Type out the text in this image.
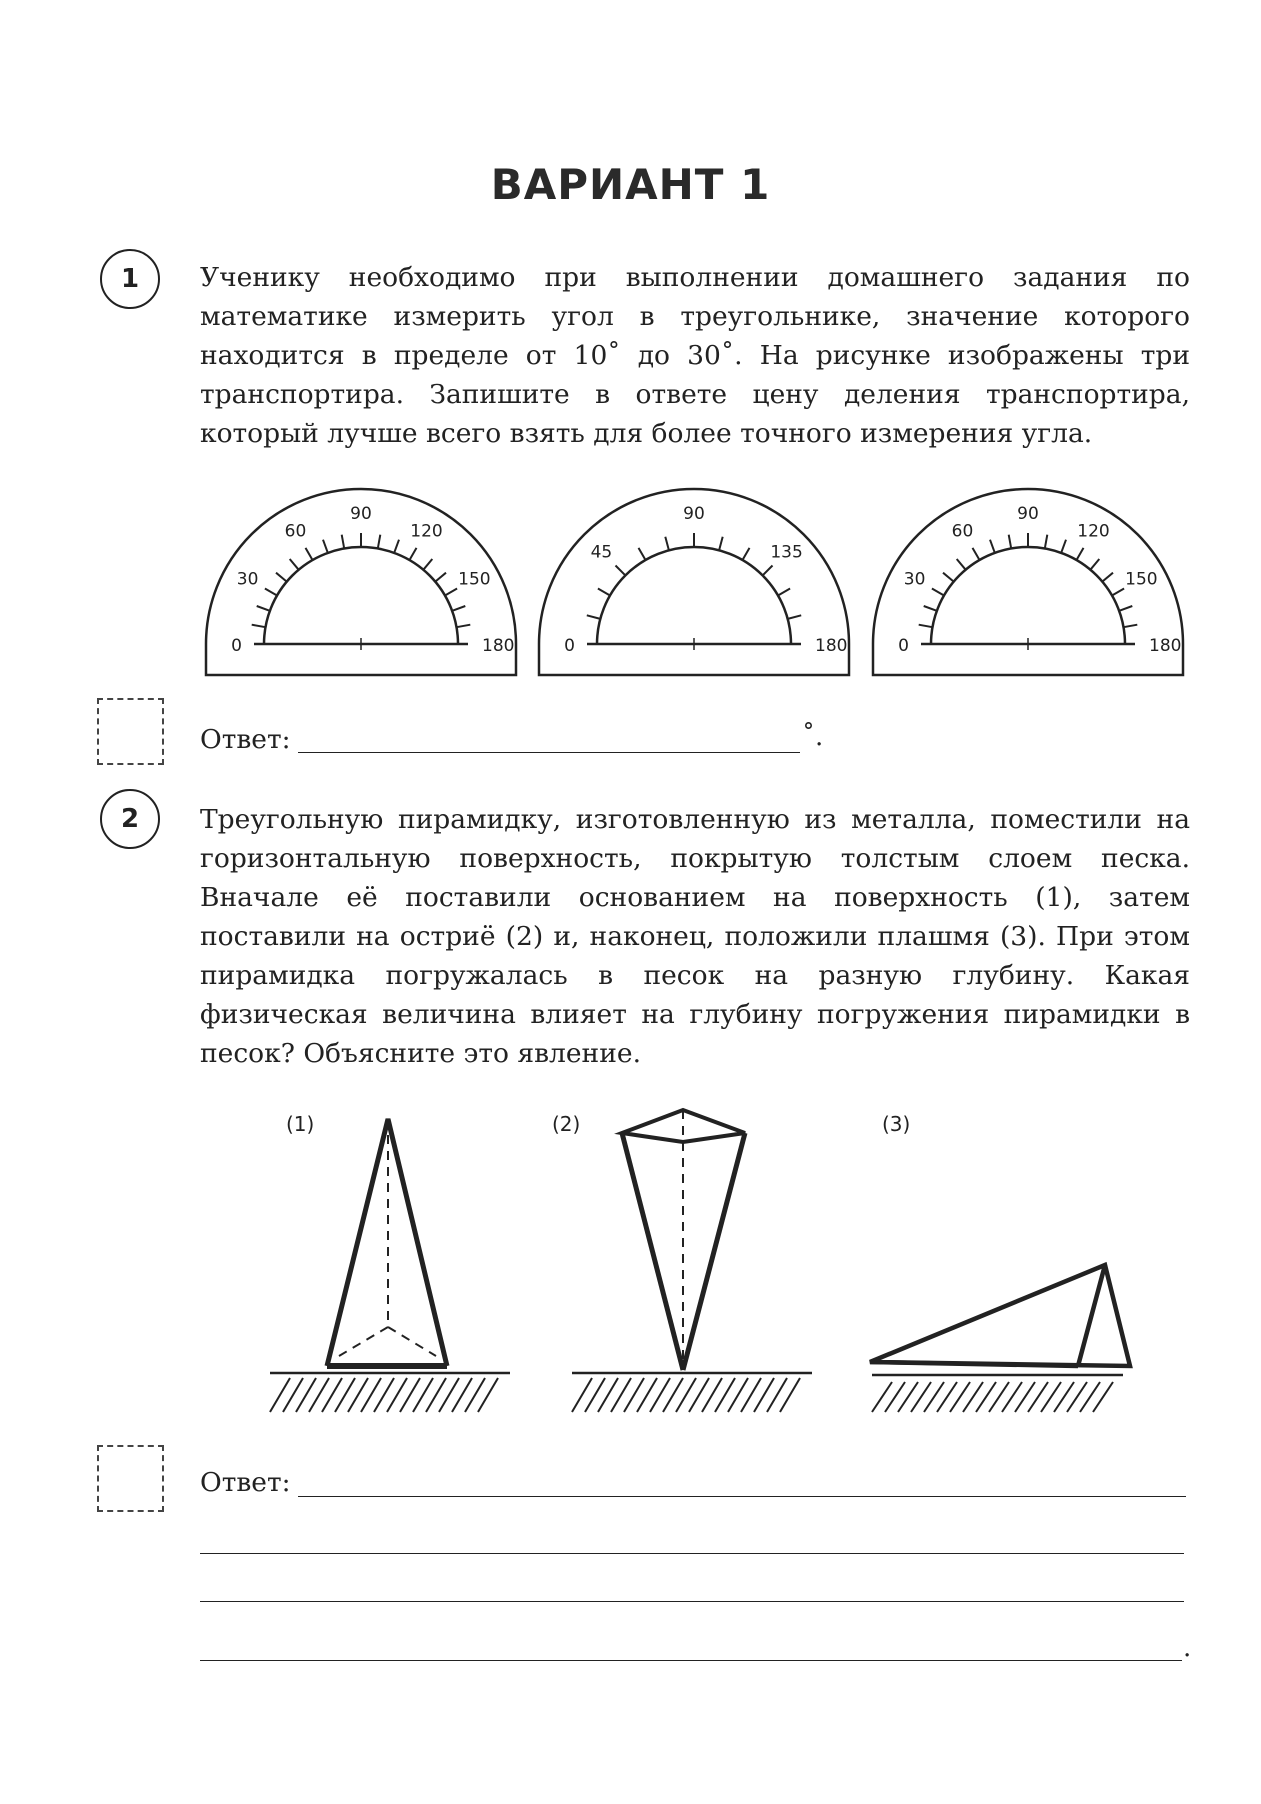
ВАРИАНТ 1
1	Ученику необходимо при выполнении домашнего задания по математике измерить угол в треугольнике, значение которого находится в пределе от 10˚ до 30˚. На рисунке изображены три транспортира. Запишите в ответе цену деления транспортира, который лучше всего взять для более точного измерения угла.

0
30
60
90
120
150
180	0
45
90
135
180	0
30
60
90
120
150
180
Ответ:	˚.
2	Треугольную пирамидку, изготовленную из металла, поместили на горизонтальную поверхность, покрытую толстым слоем песка. Вначале её поставили основанием на поверхность (1), затем поставили на остриё (2) и, наконец, положили плашмя (3). При этом пирамидка погружалась в песок на разную глубину. Какая физическая величина влияет на глубину погружения пирамидки в песок? Объясните это явление.

(1)	(2)	(3)
Ответ:
.
